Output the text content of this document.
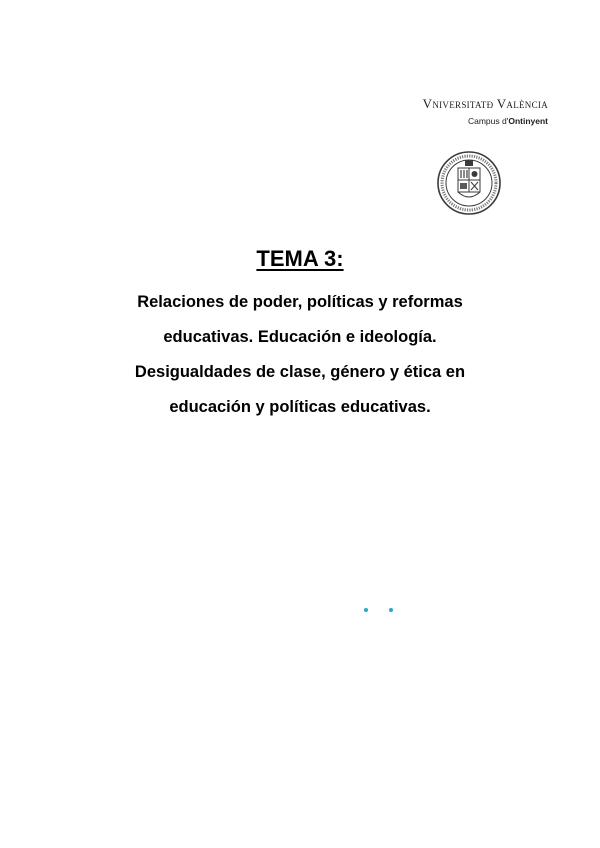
Vniversitatɖ València
Campus d'Ontinyent
TEMA 3:
Relaciones de poder, políticas y reformas
educativas. Educación e ideología.
Desigualdades de clase, género y ética en
educación y políticas educativas.
